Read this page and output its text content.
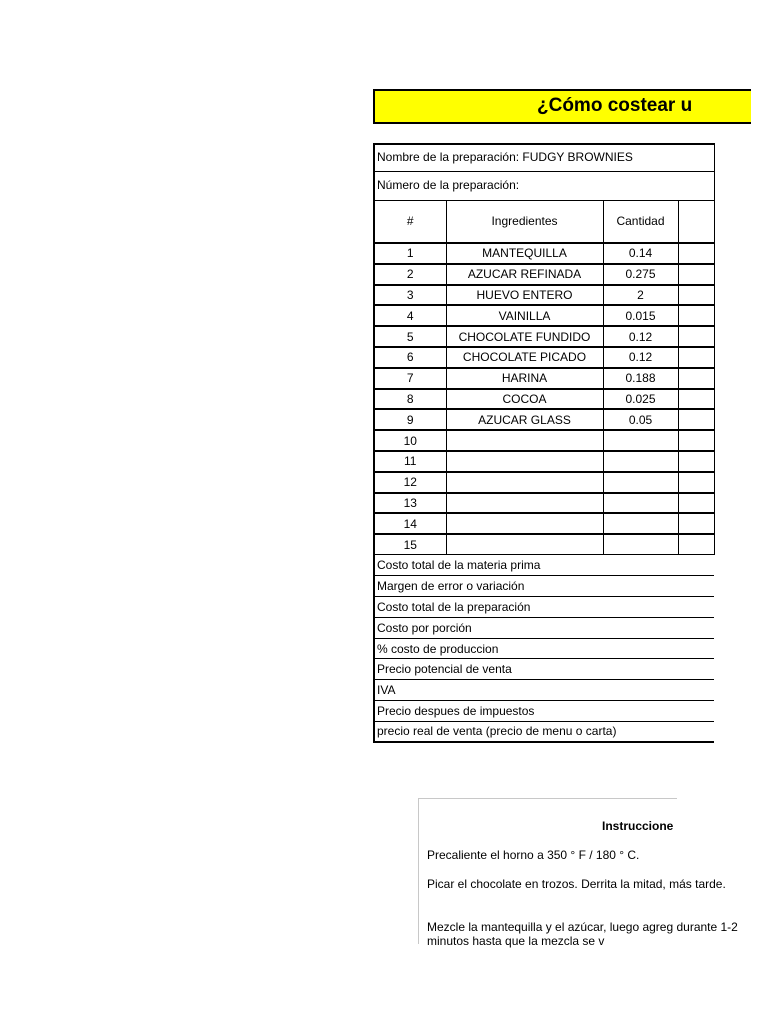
¿Cómo costear u
Nombre de la preparación: FUDGY BROWNIES			
Número de la preparación:			
#	Ingredientes	Cantidad	
1	MANTEQUILLA	0.14	
2	AZUCAR REFINADA	0.275	
3	HUEVO ENTERO	2	
4	VAINILLA	0.015	
5	CHOCOLATE FUNDIDO	0.12	
6	CHOCOLATE PICADO	0.12	
7	HARINA	0.188	
8	COCOA	0.025	
9	AZUCAR GLASS	0.05	
10			
11			
12			
13			
14			
15			
Costo total de la materia prima			
Margen de error o variación			
Costo total de la preparación			
Costo por porción			
% costo de produccion			
Precio potencial de venta			
IVA			
Precio despues de impuestos			
precio real de venta (precio de menu o carta)			
Instruccione
Precaliente el horno a 350 ° F / 180 ° C.
Picar el chocolate en trozos. Derrita la mitad, más tarde.
Mezcle la mantequilla y el azúcar, luego agreg durante 1-2 minutos hasta que la mezcla se v
